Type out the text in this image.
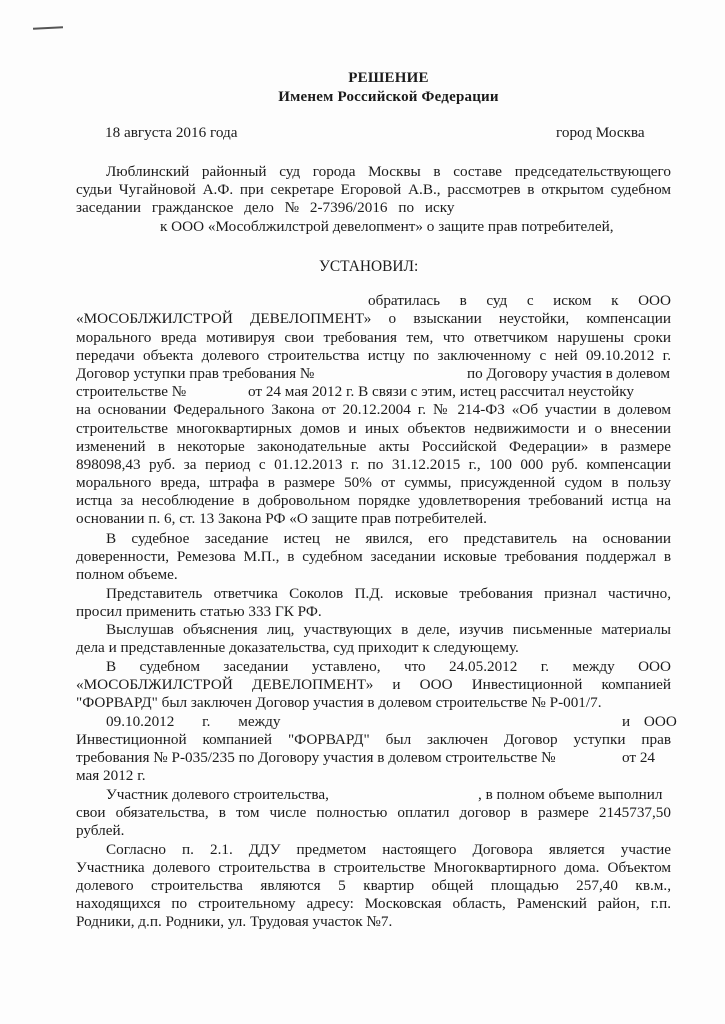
РЕШЕНИЕ
Именем Российской Федерации
18 августа 2016 года	город Москва
Люблинский районный суд города Москвы в составе председательствующего
судьи Чугайновой А.Ф. при секретаре Егоровой А.В., рассмотрев в открытом судебном
заседании гражданское дело № 2-7396/2016 по иску
к ООО «Мособлжилстрой девелопмент» о защите прав потребителей,
УСТАНОВИЛ:
обратилась в суд с иском к ООО
«МОСОБЛЖИЛСТРОЙ ДЕВЕЛОПМЕНТ» о взыскании неустойки, компенсации
морального вреда мотивируя свои требования тем, что ответчиком нарушены сроки
передачи объекта долевого строительства истцу по заключенному с ней 09.10.2012 г.
Договор уступки прав требования №	по Договору участия в долевом
строительстве №	от 24 мая 2012 г. В связи с этим, истец рассчитал неустойку
на основании Федерального Закона от 20.12.2004 г. № 214-ФЗ «Об участии в долевом
строительстве многоквартирных домов и иных объектов недвижимости и о внесении
изменений в некоторые законодательные акты Российской Федерации» в размере
898098,43 руб. за период с 01.12.2013 г. по 31.12.2015 г., 100 000 руб. компенсации
морального вреда, штрафа в размере 50% от суммы, присужденной судом в пользу
истца за несоблюдение в добровольном порядке удовлетворения требований истца на
основании п. 6, ст. 13 Закона РФ «О защите прав потребителей.
В судебное заседание истец не явился, его представитель на основании
доверенности, Ремезова М.П., в судебном заседании исковые требования поддержал в
полном объеме.
Представитель ответчика Соколов П.Д. исковые требования признал частично,
просил применить статью 333 ГК РФ.
Выслушав объяснения лиц, участвующих в деле, изучив письменные материалы
дела и представленные доказательства, суд приходит к следующему.
В судебном заседании уставлено, что 24.05.2012 г. между ООО
«МОСОБЛЖИЛСТРОЙ ДЕВЕЛОПМЕНТ» и ООО Инвестиционной компанией
"ФОРВАРД" был заключен Договор участия в долевом строительстве № Р-001/7.
09.10.2012 г. между	и ООО
Инвестиционной компанией "ФОРВАРД" был заключен Договор уступки прав
требования № Р-035/235 по Договору участия в долевом строительстве №	от 24
мая 2012 г.
Участник долевого строительства,	, в полном объеме выполнил
свои обязательства, в том числе полностью оплатил договор в размере 2145737,50
рублей.
Согласно п. 2.1. ДДУ предметом настоящего Договора является участие
Участника долевого строительства в строительстве Многоквартирного дома. Объектом
долевого строительства являются 5 квартир общей площадью 257,40 кв.м.,
находящихся по строительному адресу: Московская область, Раменский район, г.п.
Родники, д.п. Родники, ул. Трудовая участок №7.
